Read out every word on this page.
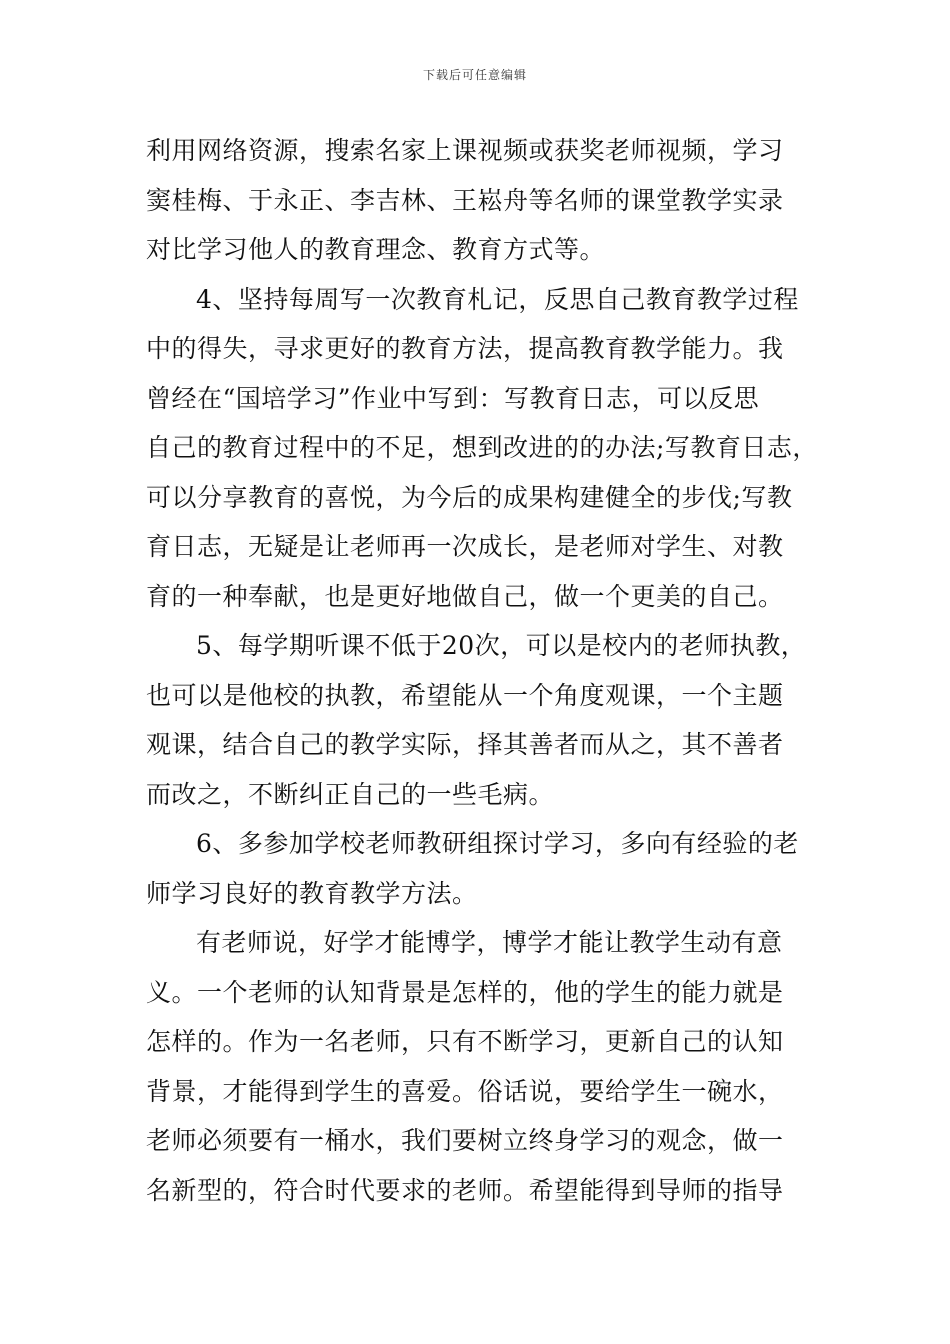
下载后可任意编辑
利用网络资源，搜索名家上课视频或获奖老师视频，学习
窦桂梅、于永正、李吉林、王崧舟等名师的课堂教学实录
对比学习他人的教育理念、教育方式等。
4、坚持每周写一次教育札记，反思自己教育教学过程
中的得失，寻求更好的教育方法，提高教育教学能力。我
曾经在“国培学习”作业中写到：写教育日志，可以反思
自己的教育过程中的不足，想到改进的的办法;写教育日志，
可以分享教育的喜悦，为今后的成果构建健全的步伐;写教
育日志，无疑是让老师再一次成长，是老师对学生、对教
育的一种奉献，也是更好地做自己，做一个更美的自己。
5、每学期听课不低于20次，可以是校内的老师执教，
也可以是他校的执教，希望能从一个角度观课，一个主题
观课，结合自己的教学实际，择其善者而从之，其不善者
而改之，不断纠正自己的一些毛病。
6、多参加学校老师教研组探讨学习，多向有经验的老
师学习良好的教育教学方法。
有老师说，好学才能博学，博学才能让教学生动有意
义。一个老师的认知背景是怎样的，他的学生的能力就是
怎样的。作为一名老师，只有不断学习，更新自己的认知
背景，才能得到学生的喜爱。俗话说，要给学生一碗水，
老师必须要有一桶水，我们要树立终身学习的观念，做一
名新型的，符合时代要求的老师。希望能得到导师的指导
